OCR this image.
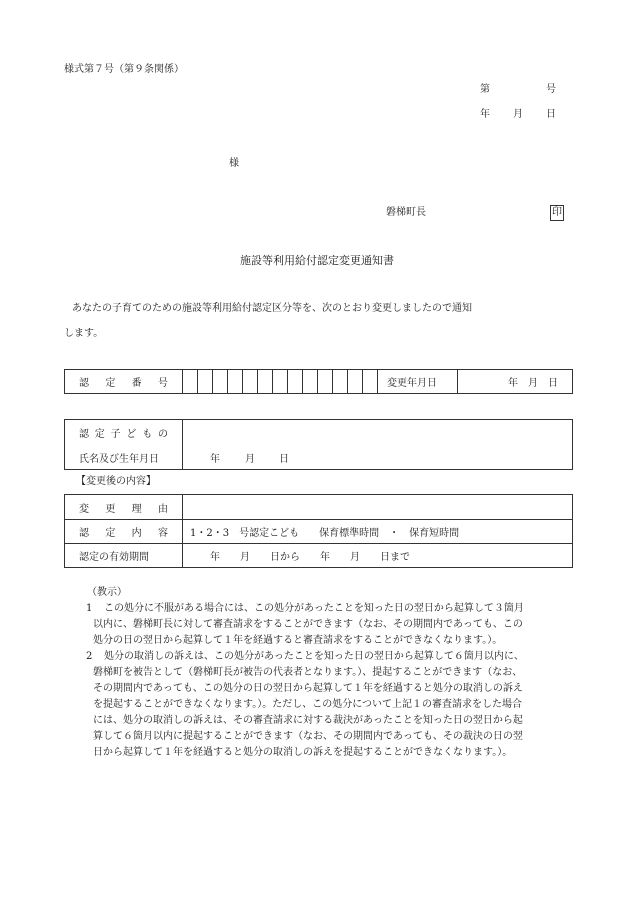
様式第７号（第９条関係）
第	号
年 月 日
様
磐梯町長	印
施設等利用給付認定変更通知書
あなたの子育てのための施設等利用給付認定区分等を、次のとおり変更しましたので通知
します。
認 定 番 号	変更年月日	年　月　日
認 定 子 ど も の
氏名及び生年月日	年	月 日
【変更後の内容】
変 更 理 由
認 定 内 容 1・2・3　号認定こども　　保育標準時間　・　保育短時間
認定の有効期間	年　　月　　日から　　年　　月　　日まで
（教示）
1 この処分に不服がある場合には、この処分があったことを知った日の翌日から起算して３箇月
以内に、磐梯町長に対して審査請求をすることができます（なお、その期間内であっても、この
処分の日の翌日から起算して１年を経過すると審査請求をすることができなくなります。）。
2 処分の取消しの訴えは、この処分があったことを知った日の翌日から起算して６箇月以内に、
磐梯町を被告として（磐梯町長が被告の代表者となります。）、提起することができます（なお、
その期間内であっても、この処分の日の翌日から起算して１年を経過すると処分の取消しの訴え
を提起することができなくなります。）。ただし、この処分について上記１の審査請求をした場合
には、処分の取消しの訴えは、その審査請求に対する裁決があったことを知った日の翌日から起
算して６箇月以内に提起することができます（なお、その期間内であっても、その裁決の日の翌
日から起算して１年を経過すると処分の取消しの訴えを提起することができなくなります。）。
